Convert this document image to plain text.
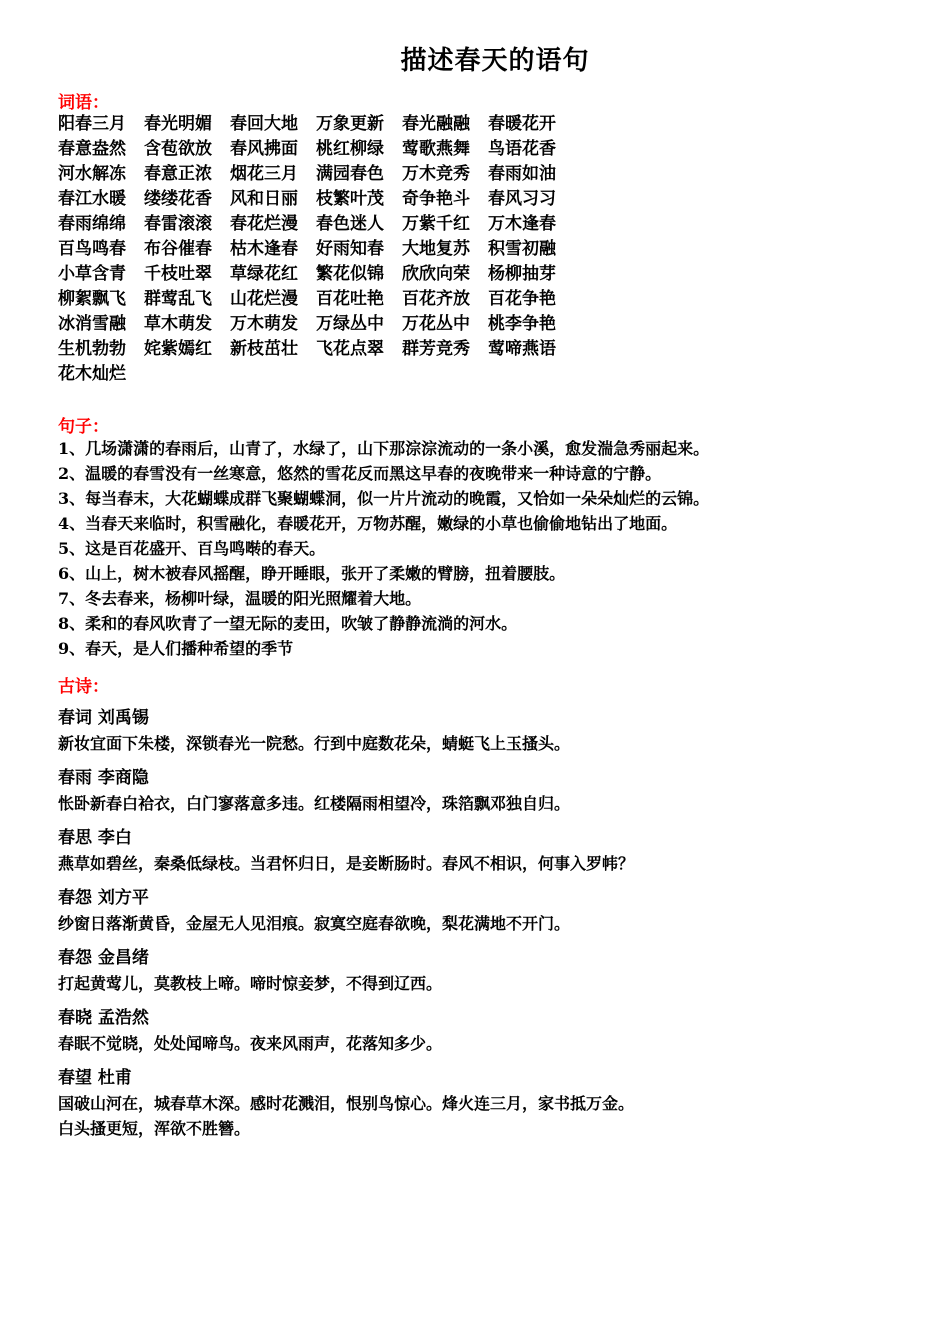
描述春天的语句
词语：
阳春三月	春光明媚	春回大地	万象更新	春光融融	春暖花开
春意盎然	含苞欲放	春风拂面	桃红柳绿	莺歌燕舞	鸟语花香
河水解冻	春意正浓	烟花三月	满园春色	万木竞秀	春雨如油
春江水暖	缕缕花香	风和日丽	枝繁叶茂	奇争艳斗	春风习习
春雨绵绵	春雷滚滚	春花烂漫	春色迷人	万紫千红	万木逢春
百鸟鸣春	布谷催春	枯木逢春	好雨知春	大地复苏	积雪初融
小草含青	千枝吐翠	草绿花红	繁花似锦	欣欣向荣	杨柳抽芽
柳絮飘飞	群莺乱飞	山花烂漫	百花吐艳	百花齐放	百花争艳
冰消雪融	草木萌发	万木萌发	万绿丛中	万花丛中	桃李争艳
生机勃勃	姹紫嫣红	新枝茁壮	飞花点翠	群芳竞秀	莺啼燕语
花木灿烂
句子：
1、几场潇潇的春雨后，山青了，水绿了，山下那淙淙流动的一条小溪，愈发湍急秀丽起来。
2、温暖的春雪没有一丝寒意，悠然的雪花反而黑这早春的夜晚带来一种诗意的宁静。
3、每当春末，大花蝴蝶成群飞聚蝴蝶洞，似一片片流动的晚霞，又恰如一朵朵灿烂的云锦。
4、当春天来临时，积雪融化，春暖花开，万物苏醒，嫩绿的小草也偷偷地钻出了地面。
5、这是百花盛开、百鸟鸣啭的春天。
6、山上，树木被春风摇醒，睁开睡眼，张开了柔嫩的臂膀，扭着腰肢。
7、冬去春来，杨柳叶绿，温暖的阳光照耀着大地。
8、柔和的春风吹青了一望无际的麦田，吹皱了静静流淌的河水。
9、春天，是人们播种希望的季节
古诗：
春词 刘禹锡
新妆宜面下朱楼，深锁春光一院愁。行到中庭数花朵，蜻蜓飞上玉搔头。
春雨 李商隐
怅卧新春白袷衣，白门寥落意多违。红楼隔雨相望冷，珠箔飘邓独自归。
春思 李白
燕草如碧丝，秦桑低绿枝。当君怀归日，是妾断肠时。春风不相识，何事入罗帏？
春怨 刘方平
纱窗日落渐黄昏，金屋无人见泪痕。寂寞空庭春欲晚，梨花满地不开门。
春怨 金昌绪
打起黄莺儿，莫教枝上啼。啼时惊妾梦，不得到辽西。
春晓 孟浩然
春眠不觉晓，处处闻啼鸟。夜来风雨声，花落知多少。
春望 杜甫
国破山河在，城春草木深。感时花溅泪，恨别鸟惊心。烽火连三月，家书抵万金。
白头搔更短，浑欲不胜簪。
